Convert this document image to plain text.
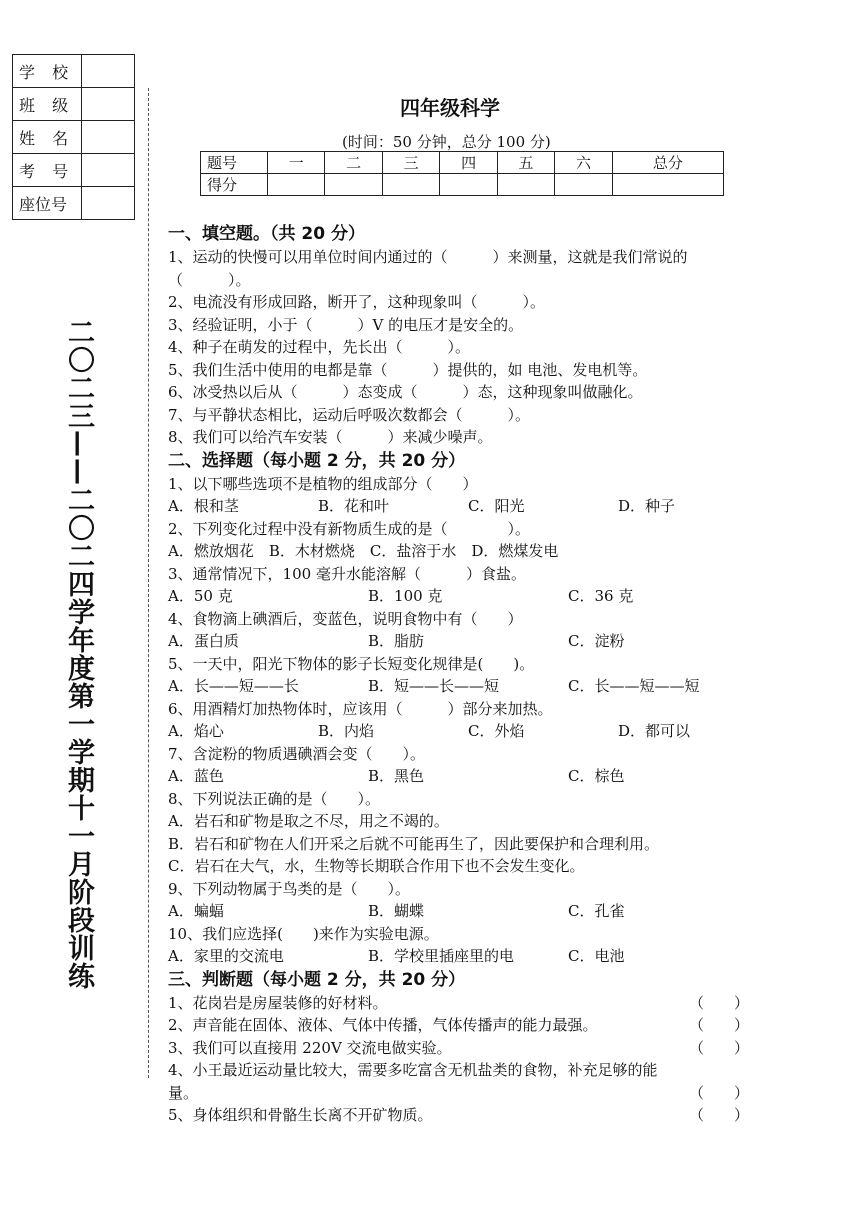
学 校	
班 级	
姓 名	
考 号	
座位号	
二〇二三——二〇二四学年度第一学期十一月阶段训练
四年级科学
(时间：50 分钟，总分 100 分)
题号	一	二	三	四	五	六	总分
得分							
一、填空题。（共 20 分）
1、运动的快慢可以用单位时间内通过的（　　　）来测量，这就是我们常说的（　　　）。
2、电流没有形成回路，断开了，这种现象叫（　　　）。
3、经验证明，小于（　　　）V 的电压才是安全的。
4、种子在萌发的过程中，先长出（　　　）。
5、我们生活中使用的电都是靠（　　　）提供的，如 电池、发电机等。
6、冰受热以后从（　　　）态变成（　　　）态，这种现象叫做融化。
7、与平静状态相比，运动后呼吸次数都会（　　　）。
8、我们可以给汽车安装（　　　）来减少噪声。
二、选择题（每小题 2 分，共 20 分）
1、以下哪些选项不是植物的组成部分（　　）
A．根和茎	B．花和叶	C．阳光	D．种子
2、下列变化过程中没有新物质生成的是（　　　　）。
A．燃放烟花　B．木材燃烧　C．盐溶于水　D．燃煤发电
3、通常情况下，100 毫升水能溶解（　　　）食盐。
A．50 克	B．100 克	C．36 克
4、食物滴上碘酒后，变蓝色，说明食物中有（　　）
A．蛋白质	B．脂肪	C．淀粉
5、一天中，阳光下物体的影子长短变化规律是(　　)。
A．长——短——长	B．短——长——短	C．长——短——短
6、用酒精灯加热物体时，应该用（　　　）部分来加热。
A．焰心	B．内焰	C．外焰	D．都可以
7、含淀粉的物质遇碘酒会变（　　）。
A．蓝色	B．黑色	C．棕色
8、下列说法正确的是（　　）。
A．岩石和矿物是取之不尽，用之不竭的。
B．岩石和矿物在人们开采之后就不可能再生了，因此要保护和合理利用。
C．岩石在大气，水，生物等长期联合作用下也不会发生变化。
9、下列动物属于鸟类的是（　　）。
A．蝙蝠	B．蝴蝶	C．孔雀
10、我们应选择(　　)来作为实验电源。
A．家里的交流电	B．学校里插座里的电	C．电池
三、判断题（每小题 2 分，共 20 分）
1、花岗岩是房屋装修的好材料。	（　　）
2、声音能在固体、液体、气体中传播，气体传播声的能力最强。	（　　）
3、我们可以直接用 220V 交流电做实验。	（　　）
4、小王最近运动量比较大，需要多吃富含无机盐类的食物，补充足够的能
量。	（　　）
5、身体组织和骨骼生长离不开矿物质。	（　　）
